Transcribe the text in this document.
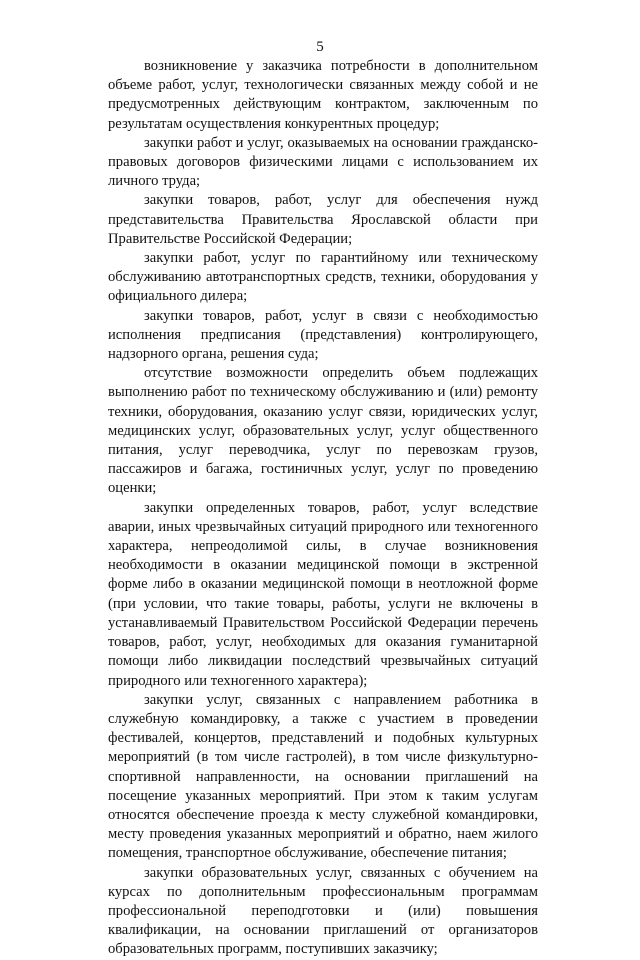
5

возникновение у заказчика потребности в дополнительном объеме работ, услуг, технологически связанных между собой и не предусмотренных действующим контрактом, заключенным по результатам осуществления конкурентных процедур;

закупки работ и услуг, оказываемых на основании гражданско-правовых договоров физическими лицами с использованием их личного труда;

закупки товаров, работ, услуг для обеспечения нужд представительства Правительства Ярославской области при Правительстве Российской Федерации;

закупки работ, услуг по гарантийному или техническому обслуживанию автотранспортных средств, техники, оборудования у официального дилера;

закупки товаров, работ, услуг в связи с необходимостью исполнения предписания (представления) контролирующего, надзорного органа, решения суда;

отсутствие возможности определить объем подлежащих выполнению работ по техническому обслуживанию и (или) ремонту техники, оборудования, оказанию услуг связи, юридических услуг, медицинских услуг, образовательных услуг, услуг общественного питания, услуг переводчика, услуг по перевозкам грузов, пассажиров и багажа, гостиничных услуг, услуг по проведению оценки;

закупки определенных товаров, работ, услуг вследствие аварии, иных чрезвычайных ситуаций природного или техногенного характера, непреодолимой силы, в случае возникновения необходимости в оказании медицинской помощи в экстренной форме либо в оказании медицинской помощи в неотложной форме (при условии, что такие товары, работы, услуги не включены в устанавливаемый Правительством Российской Федерации перечень товаров, работ, услуг, необходимых для оказания гуманитарной помощи либо ликвидации последствий чрезвычайных ситуаций природного или техногенного характера);

закупки услуг, связанных с направлением работника в служебную командировку, а также с участием в проведении фестивалей, концертов, представлений и подобных культурных мероприятий (в том числе гастролей), в том числе физкультурно-спортивной направленности, на основании приглашений на посещение указанных мероприятий. При этом к таким услугам относятся обеспечение проезда к месту служебной командировки, месту проведения указанных мероприятий и обратно, наем жилого помещения, транспортное обслуживание, обеспечение питания;

закупки образовательных услуг, связанных с обучением на курсах по дополнительным профессиональным программам профессиональной переподготовки и (или) повышения квалификации, на основании приглашений от организаторов образовательных программ, поступивших заказчику;
